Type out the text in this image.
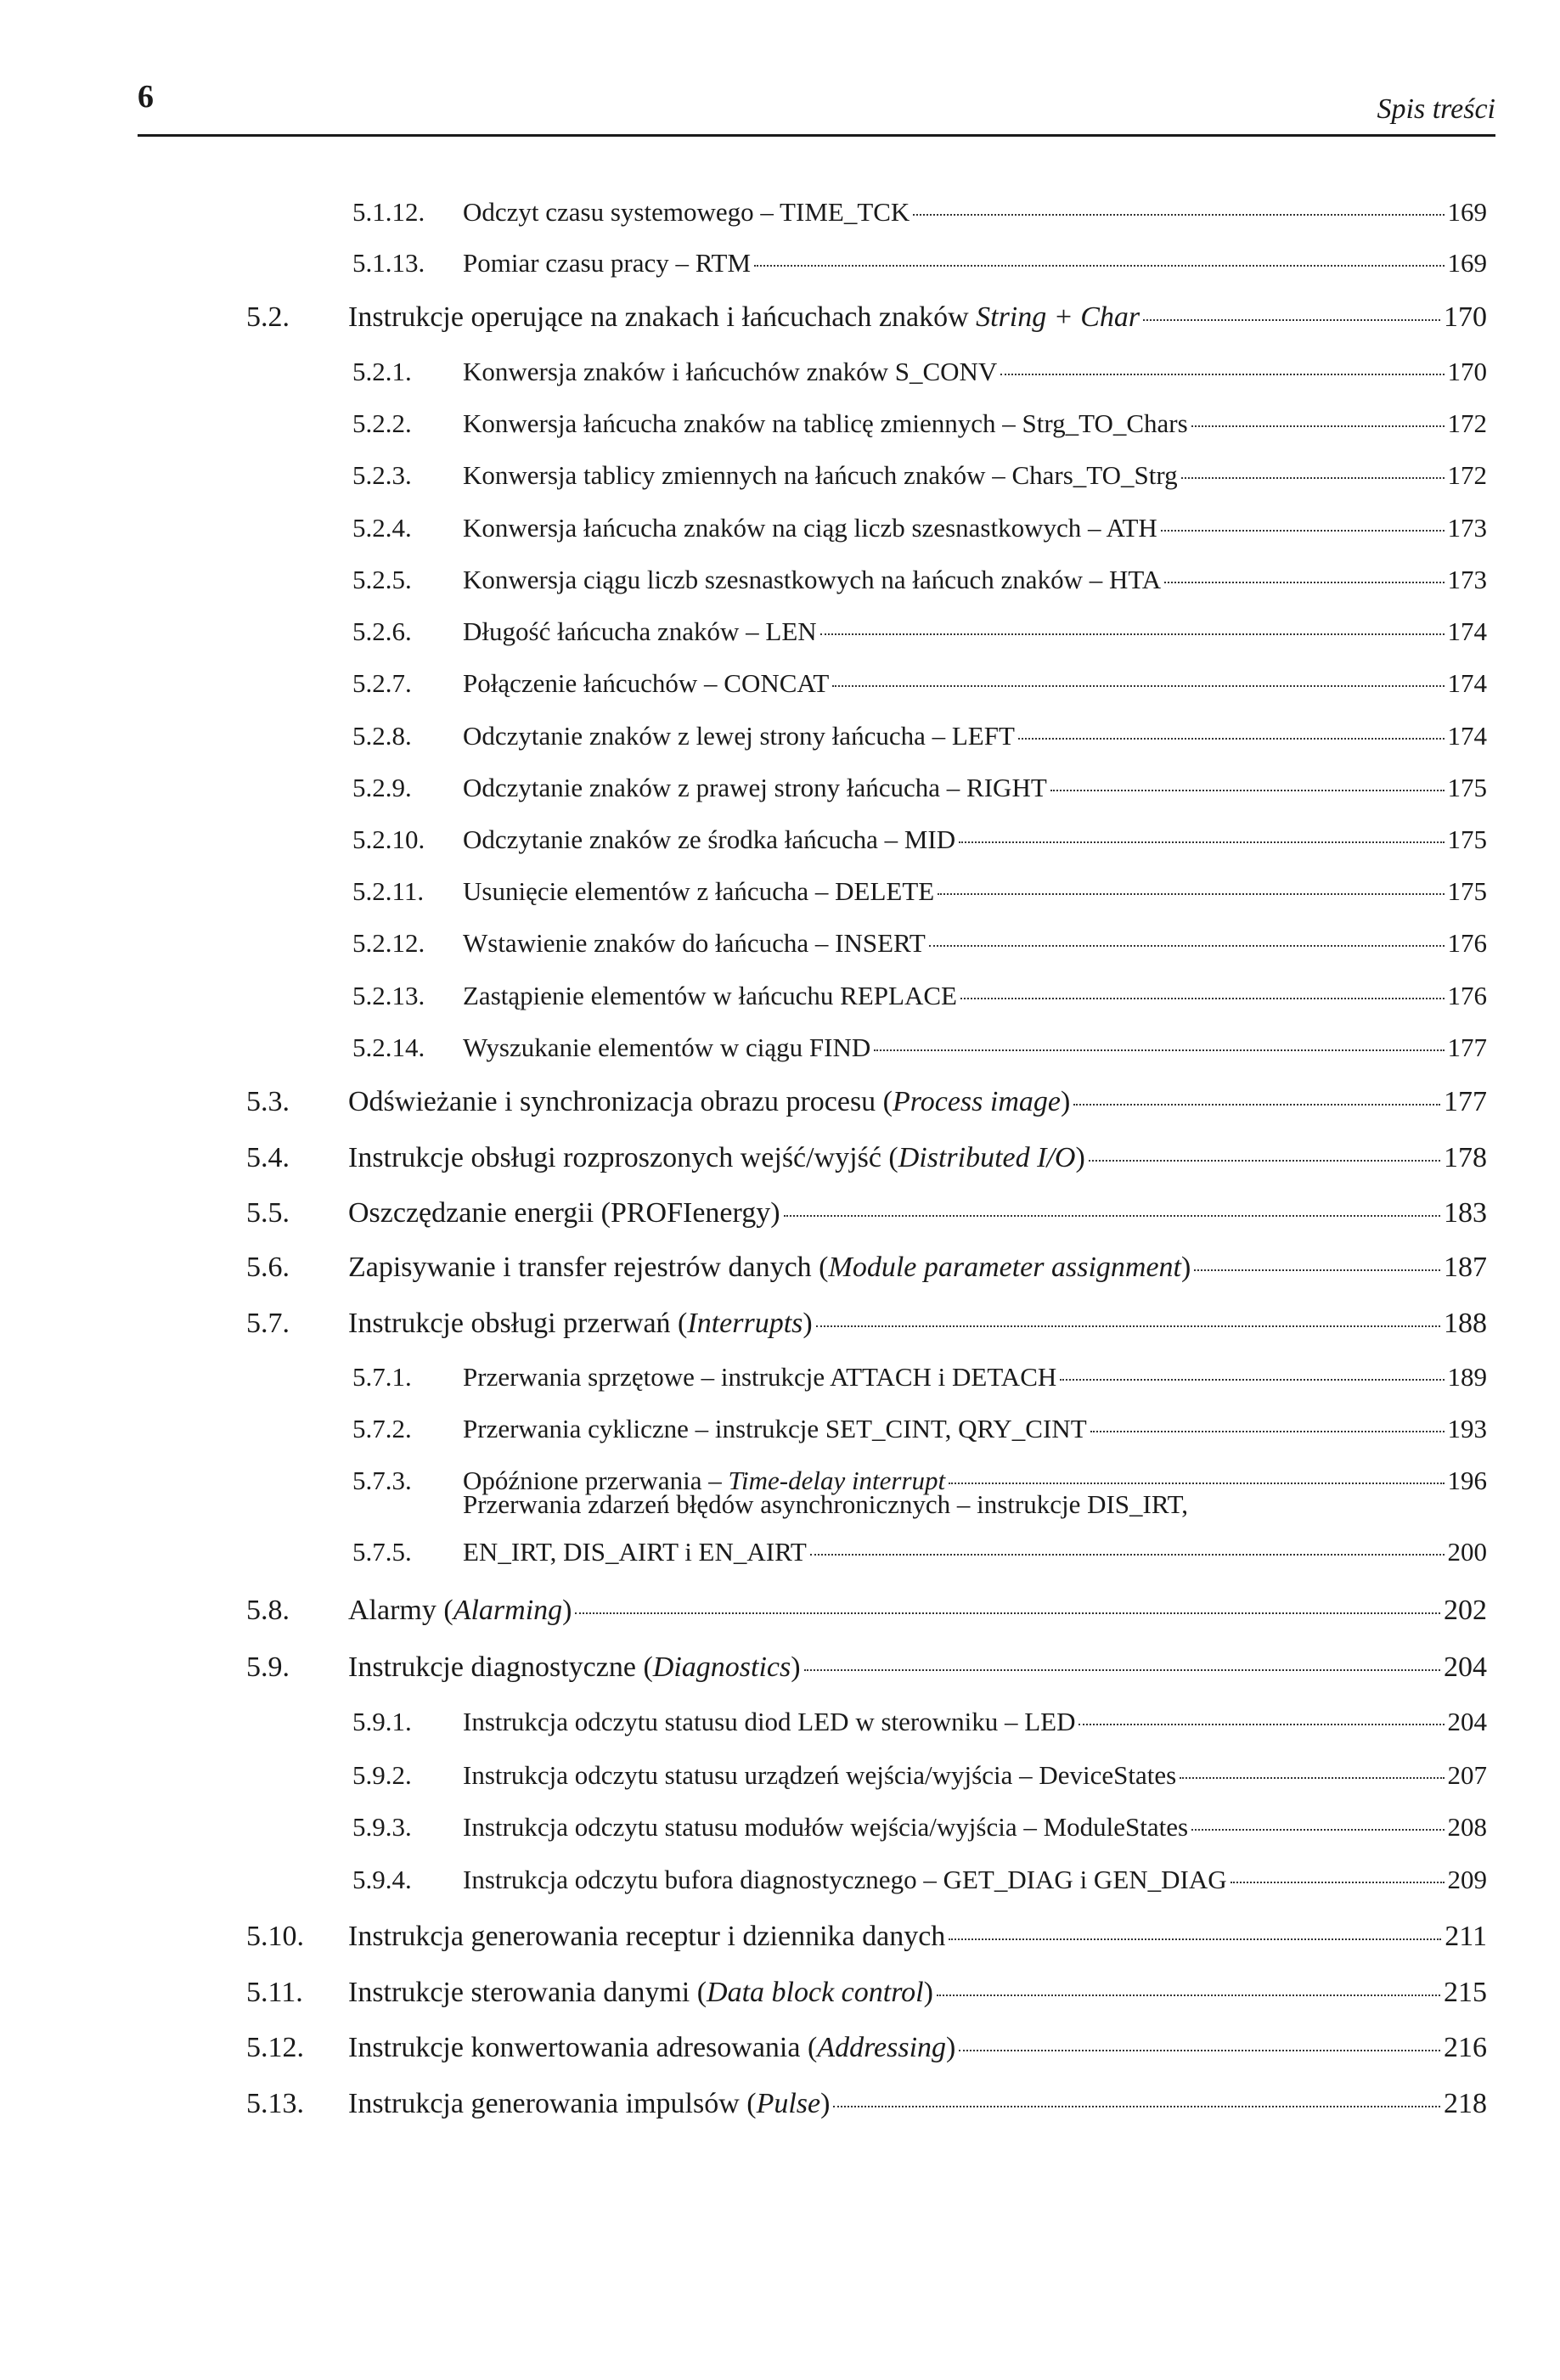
6	Spis treści
5.1.12. Odczyt czasu systemowego – TIME_TCK	169
5.1.13. Pomiar czasu pracy – RTM	169
5.2. Instrukcje operujące na znakach i łańcuchach znaków String + Char	170
5.2.1. Konwersja znaków i łańcuchów znaków S_CONV	170
5.2.2. Konwersja łańcucha znaków na tablicę zmiennych – Strg_TO_Chars	172
5.2.3. Konwersja tablicy zmiennych na łańcuch znaków – Chars_TO_Strg	172
5.2.4. Konwersja łańcucha znaków na ciąg liczb szesnastkowych – ATH	173
5.2.5. Konwersja ciągu liczb szesnastkowych na łańcuch znaków – HTA	173
5.2.6. Długość łańcucha znaków – LEN	174
5.2.7. Połączenie łańcuchów – CONCAT	174
5.2.8. Odczytanie znaków z lewej strony łańcucha – LEFT	174
5.2.9. Odczytanie znaków z prawej strony łańcucha – RIGHT	175
5.2.10. Odczytanie znaków ze środka łańcucha – MID	175
5.2.11. Usunięcie elementów z łańcucha – DELETE	175
5.2.12. Wstawienie znaków do łańcucha – INSERT	176
5.2.13. Zastąpienie elementów w łańcuchu REPLACE	176
5.2.14. Wyszukanie elementów w ciągu FIND	177
5.3. Odświeżanie i synchronizacja obrazu procesu (Process image)	177
5.4. Instrukcje obsługi rozproszonych wejść/wyjść (Distributed I/O)	178
5.5. Oszczędzanie energii (PROFIenergy)	183
5.6. Zapisywanie i transfer rejestrów danych (Module parameter assignment)	187
5.7. Instrukcje obsługi przerwań (Interrupts)	188
5.7.1. Przerwania sprzętowe – instrukcje ATTACH i DETACH	189
5.7.2. Przerwania cykliczne – instrukcje SET_CINT, QRY_CINT	193
5.7.3. Opóźnione przerwania – Time-delay interrupt	196
Przerwania zdarzeń błędów asynchronicznych – instrukcje DIS_IRT,
5.7.5. EN_IRT, DIS_AIRT i EN_AIRT	200
5.8. Alarmy (Alarming)	202
5.9. Instrukcje diagnostyczne (Diagnostics)	204
5.9.1. Instrukcja odczytu statusu diod LED w sterowniku – LED	204
5.9.2. Instrukcja odczytu statusu urządzeń wejścia/wyjścia – DeviceStates	207
5.9.3. Instrukcja odczytu statusu modułów wejścia/wyjścia – ModuleStates	208
5.9.4. Instrukcja odczytu bufora diagnostycznego – GET_DIAG i GEN_DIAG	209
5.10. Instrukcja generowania receptur i dziennika danych	211
5.11. Instrukcje sterowania danymi (Data block control)	215
5.12. Instrukcje konwertowania adresowania (Addressing)	216
5.13. Instrukcja generowania impulsów (Pulse)	218
